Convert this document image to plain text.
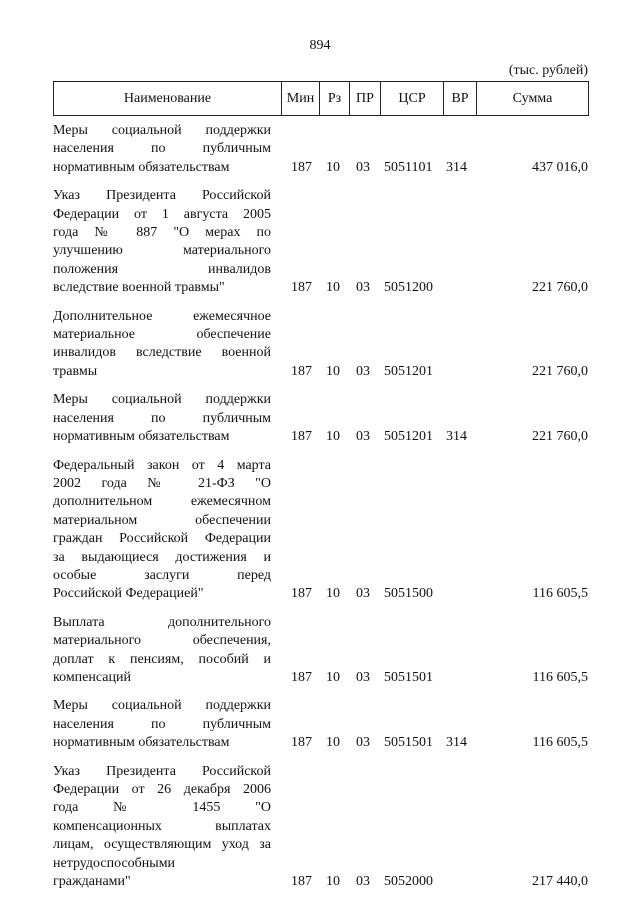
894
(тыс. рублей)
Наименование	Мин	Рз	ПР	ЦСР	ВР	Сумма
Меры социальной поддержки
населения по публичным
нормативным обязательствам	187 10 03 5051101 314	437 016,0
Указ Президента Российской
Федерации от 1 августа 2005
года № 887 "О мерах по
улучшению материального
положения инвалидов
вследствие военной травмы"	187 10 03 5051200	221 760,0
Дополнительное ежемесячное
материальное обеспечение
инвалидов вследствие военной
травмы	187 10 03 5051201	221 760,0
Меры социальной поддержки
населения по публичным
нормативным обязательствам	187 10 03 5051201 314	221 760,0
Федеральный закон от 4 марта
2002 года № 21-ФЗ "О
дополнительном ежемесячном
материальном обеспечении
граждан Российской Федерации
за выдающиеся достижения и
особые заслуги перед
Российской Федерацией"	187 10 03 5051500	116 605,5
Выплата дополнительного
материального обеспечения,
доплат к пенсиям, пособий и
компенсаций	187 10 03 5051501	116 605,5
Меры социальной поддержки
населения по публичным
нормативным обязательствам	187 10 03 5051501 314	116 605,5
Указ Президента Российской
Федерации от 26 декабря 2006
года № 1455 "О
компенсационных выплатах
лицам, осуществляющим уход за
нетрудоспособными
гражданами"	187 10 03 5052000	217 440,0
